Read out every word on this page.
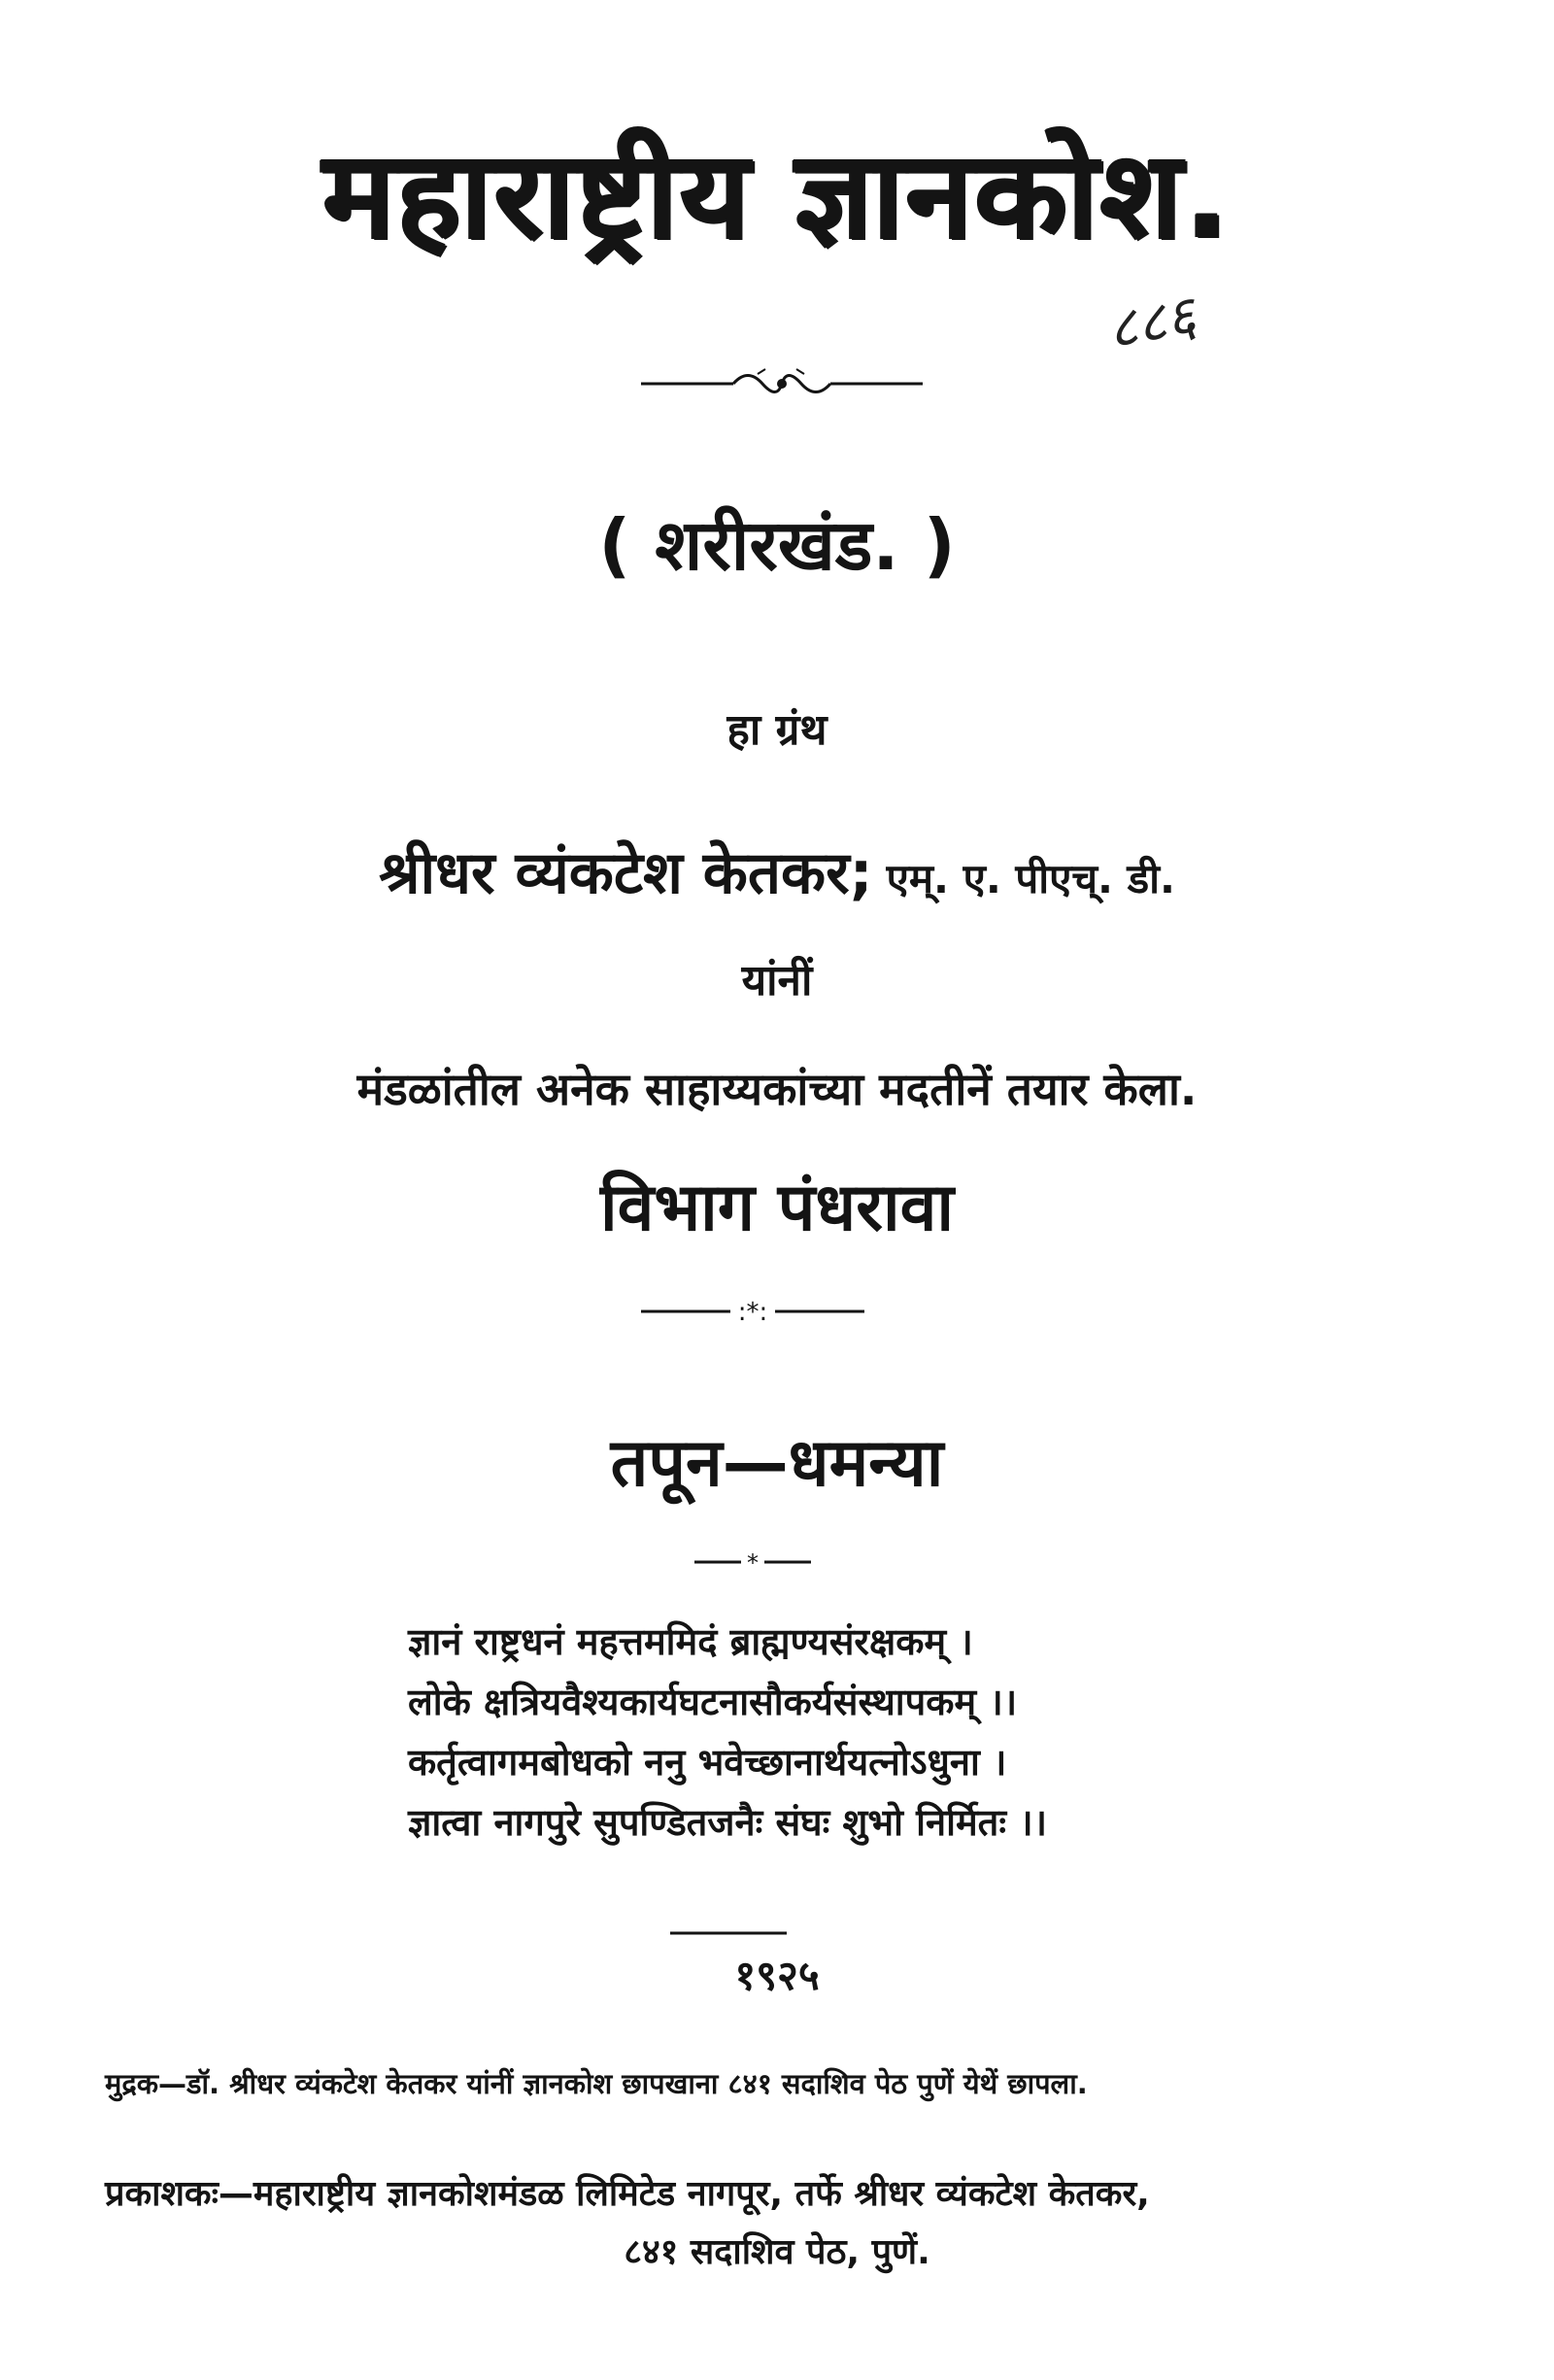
महाराष्ट्रीय ज्ञानकोश.
८८६
( शरीरखंड. )
हा ग्रंथ
श्रीधर व्यंकटेश केतकर; एम्. ए. पीएच्. डी.
यांनीं
मंडळांतील अनेक साहाय्यकांच्या मदतीनें तयार केला.
विभाग पंधरावा
:*:
तपून—धमन्या
*
ज्ञानं राष्ट्रधनं महत्तममिदं ब्राह्मण्यसंरक्षकम् ।
लोके क्षत्रियवैश्यकार्यघटनासौकर्यसंस्थापकम् ।।
कर्तृत्वागमबोधको ननु भवेच्छानार्थयत्नोऽधुना ।
ज्ञात्वा नागपुरे सुपण्डितजनैः संघः शुभो निर्मितः ।।
१९२५
मुद्रक—डॉ. श्रीधर व्यंकटेश केतकर यांनीं ज्ञानकोश छापखाना ८४१ सदाशिव पेठ पुणें येथें छापला.
प्रकाशकः—महाराष्ट्रीय ज्ञानकोशमंडळ लिमिटेड नागपूर, तर्फे श्रीधर व्यंकटेश केतकर,
८४१ सदाशिव पेठ, पुणें.
